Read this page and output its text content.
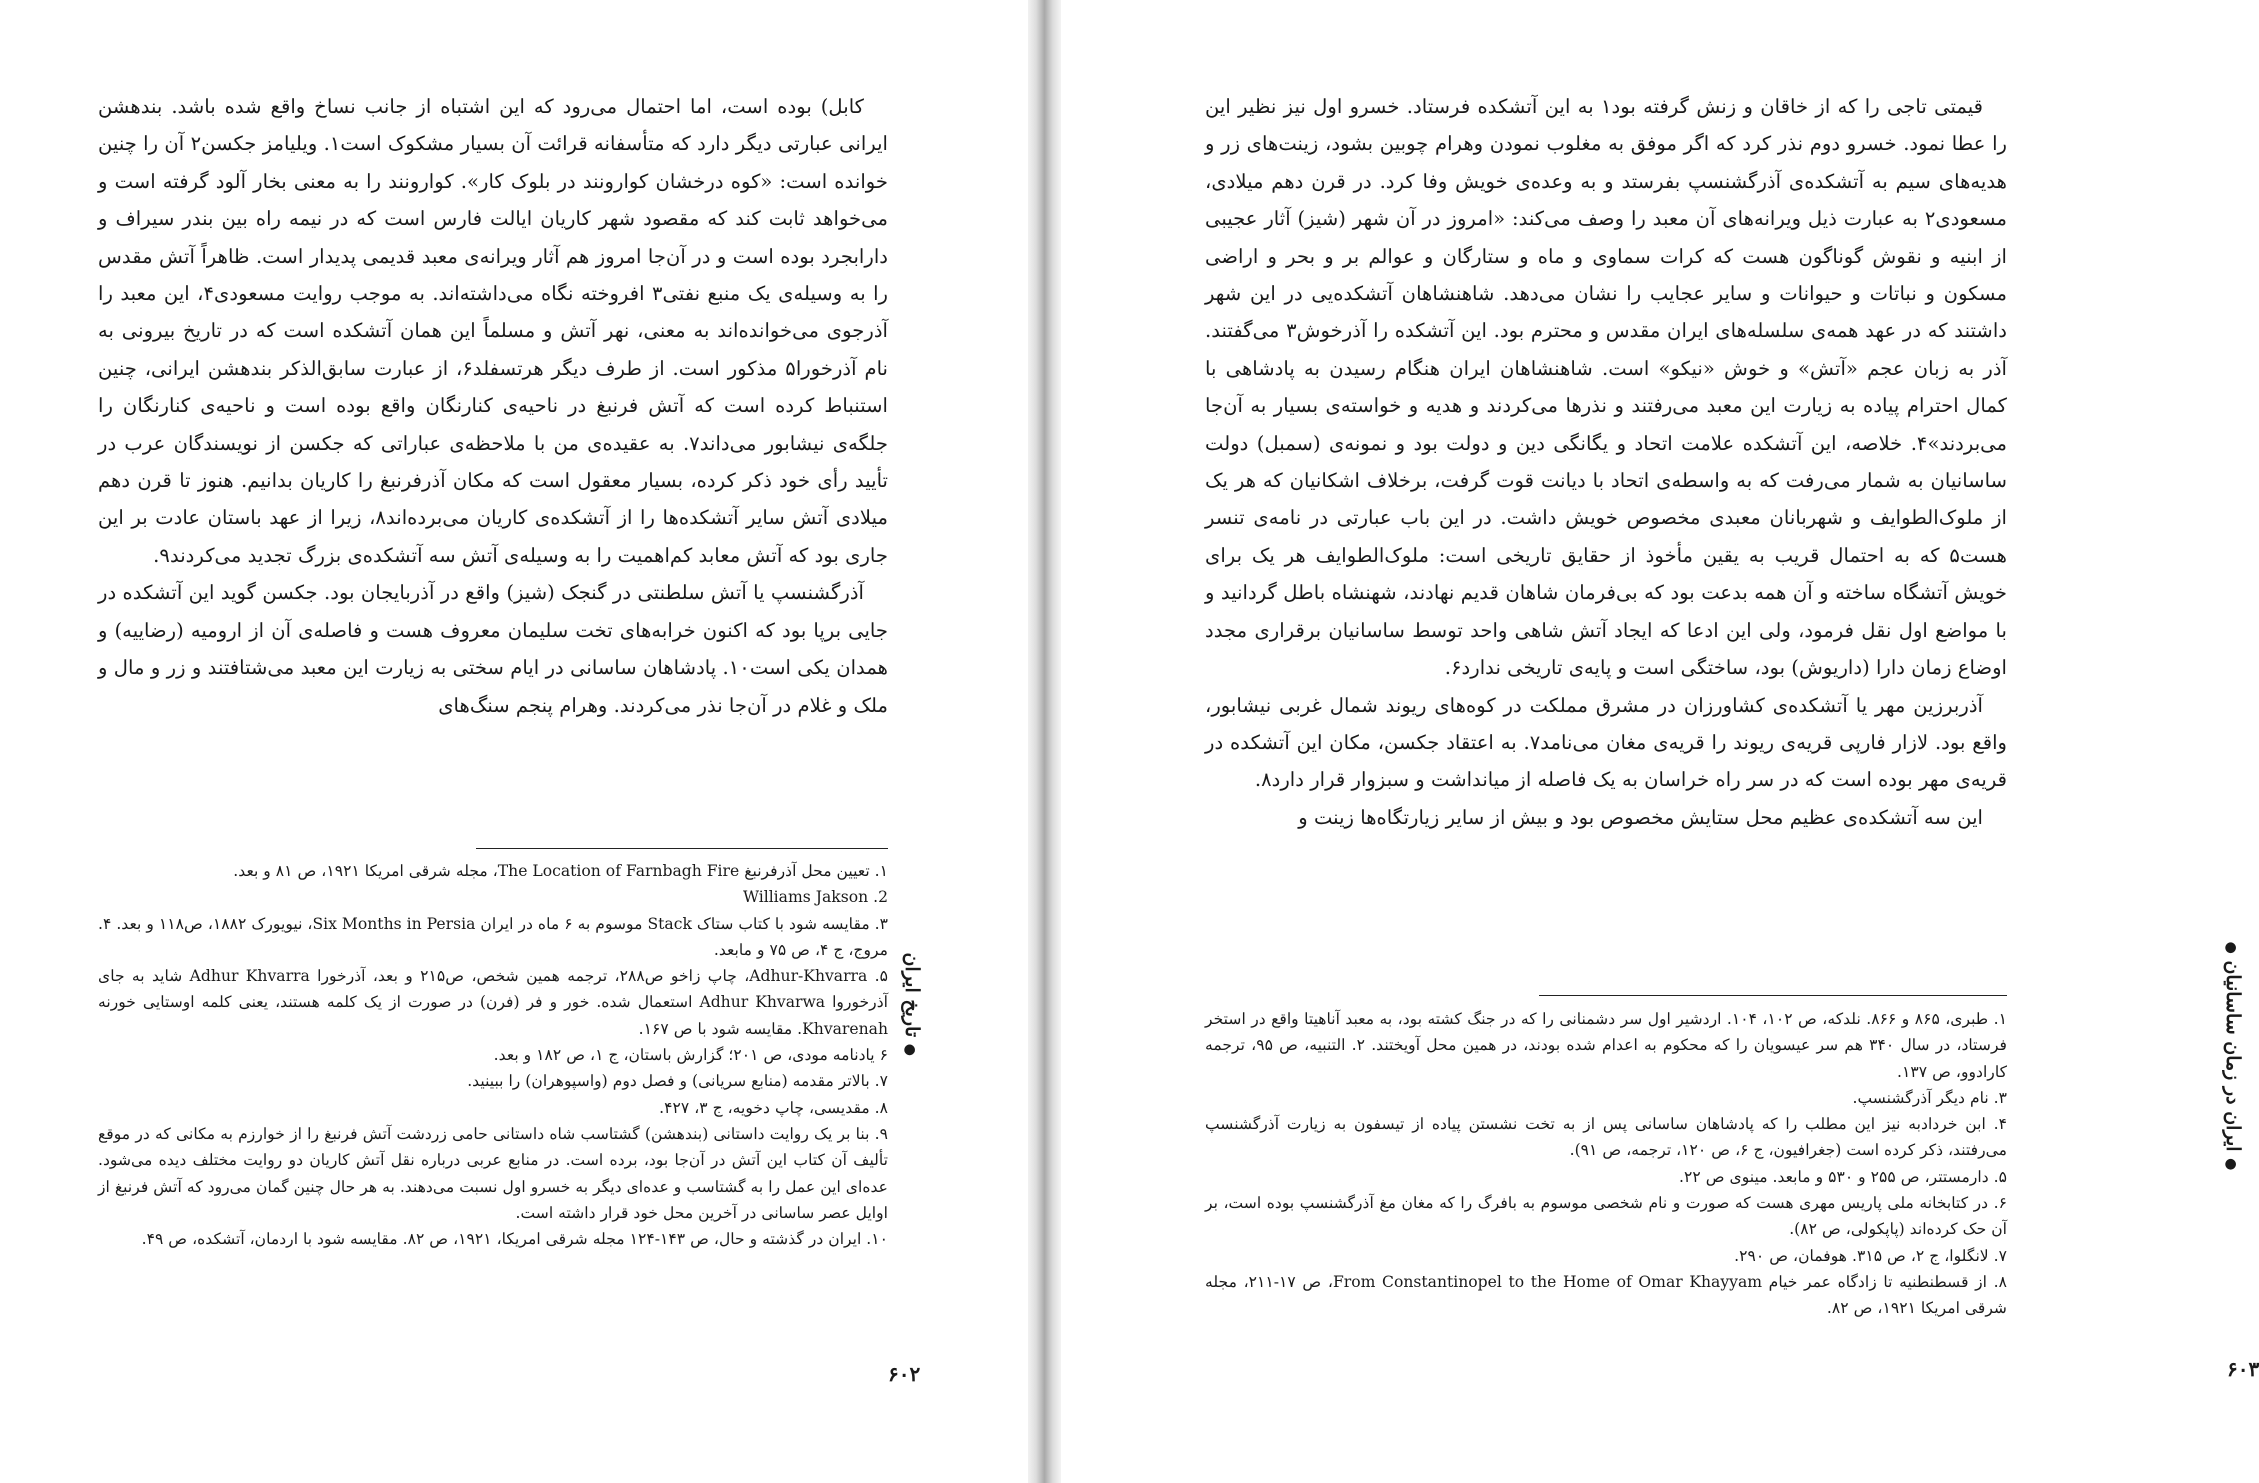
کابل) بوده است، اما احتمال می‌رود که این اشتباه از جانب نساخ واقع شده باشد. بندهشن ایرانی عبارتی دیگر دارد که متأسفانه قرائت آن بسیار مشکوک است۱. ویلیامز جکسن۲ آن را چنین خوانده است: «کوه درخشان کوارونند در بلوک کار». کوارونند را به معنی بخار آلود گرفته است و می‌خواهد ثابت کند که مقصود شهر کاریان ایالت فارس است که در نیمه راه بین بندر سیراف و دارابجرد بوده است و در آن‌جا امروز هم آثار ویرانه‌ی معبد قدیمی پدیدار است. ظاهراً آتش مقدس را به وسیله‌ی یک منبع نفتی۳ افروخته نگاه می‌داشته‌اند. به موجب روایت مسعودی۴، این معبد را آذرجوی می‌خوانده‌اند به معنی، نهر آتش و مسلماً این همان آتشکده است که در تاریخ بیرونی به نام آذرخورا۵ مذکور است. از طرف دیگر هرتسفلد۶، از عبارت سابق‌الذکر بندهشن ایرانی، چنین استنباط کرده است که آتش فرنبغ در ناحیه‌ی کنارنگان واقع بوده است و ناحیه‌ی کنارنگان را جلگه‌ی نیشابور می‌داند۷. به عقیده‌ی من با ملاحظه‌ی عباراتی که جکسن از نویسندگان عرب در تأیید رأی خود ذکر کرده، بسیار معقول است که مکان آذرفرنبغ را کاریان بدانیم. هنوز تا قرن دهم میلادی آتش سایر آتشکده‌ها را از آتشکده‌ی کاریان می‌برده‌اند۸، زیرا از عهد باستان عادت بر این جاری بود که آتش معابد کم‌اهمیت را به وسیله‌ی آتش سه آتشکده‌ی بزرگ تجدید می‌کردند۹.

آذرگشنسپ یا آتش سلطنتی در گنجک (شیز) واقع در آذربایجان بود. جکسن گوید این آتشکده در جایی برپا بود که اکنون خرابه‌های تخت سلیمان معروف هست و فاصله‌ی آن از ارومیه (رضاییه) و همدان یکی است۱۰. پادشاهان ساسانی در ایام سختی به زیارت این معبد می‌شتافتند و زر و مال و ملک و غلام در آن‌جا نذر می‌کردند. وهرام پنجم سنگ‌های

۱. تعیین محل آذرفرنبغ The Location of Farnbagh Fire، مجله شرقی امریکا ۱۹۲۱، ص ۸۱ و بعد.

2. Williams Jakson

۳. مقایسه شود با کتاب ستاک Stack موسوم به ۶ ماه در ایران Six Months in Persia، نیویورک ۱۸۸۲، ص۱۱۸ و بعد. ۴. مروج، ج ۴، ص ۷۵ و مابعد.

۵. Adhur-Khvarra، چاپ زاخو ص۲۸۸، ترجمه همین شخص، ص۲۱۵ و بعد، آذرخورا Adhur Khvarra شاید به جای آذرخوروا Adhur Khvarwa استعمال شده. خور و فر (فرن) در صورت از یک کلمه هستند، یعنی کلمه اوستایی خورنه Khvarenah. مقایسه شود با ص ۱۶۷.

۶ یادنامه مودی، ص ۲۰۱؛ گزارش باستان، ج ۱، ص ۱۸۲ و بعد.

۷. بالاتر مقدمه (منابع سریانی) و فصل دوم (واسپوهران) را ببینید.

۸. مقدیسی، چاپ دخویه، ج ۳، ۴۲۷.

۹. بنا بر یک روایت داستانی (بندهشن) گشتاسب شاه داستانی حامی زردشت آتش فرنبغ را از خوارزم به مکانی که در موقع تألیف آن کتاب این آتش در آن‌جا بود، برده است. در منابع عربی درباره نقل آتش کاریان دو روایت مختلف دیده می‌شود. عده‌ای این عمل را به گشتاسب و عده‌ای دیگر به خسرو اول نسبت می‌دهند. به هر حال چنین گمان می‌رود که آتش فرنبغ از اوایل عصر ساسانی در آخرین محل خود قرار داشته است.

۱۰. ایران در گذشته و حال، ص ۱۴۳-۱۲۴ مجله شرقی امریکا، ۱۹۲۱، ص ۸۲. مقایسه شود با اردمان، آتشکده، ص ۴۹.

● تاریخ ایران
۶۰۲

قیمتی تاجی را که از خاقان و زنش گرفته بود۱ به این آتشکده فرستاد. خسرو اول نیز نظیر این را عطا نمود. خسرو دوم نذر کرد که اگر موفق به مغلوب نمودن وهرام چوبین بشود، زینت‌های زر و هدیه‌های سیم به آتشکده‌ی آذرگشنسپ بفرستد و به وعده‌ی خویش وفا کرد. در قرن دهم میلادی، مسعودی۲ به عبارت ذیل ویرانه‌های آن معبد را وصف می‌کند: «امروز در آن شهر (شیز) آثار عجیبی از ابنیه و نقوش گوناگون هست که کرات سماوی و ماه و ستارگان و عوالم بر و بحر و اراضی مسکون و نباتات و حیوانات و سایر عجایب را نشان می‌دهد. شاهنشاهان آتشکده‌یی در این شهر داشتند که در عهد همه‌ی سلسله‌های ایران مقدس و محترم بود. این آتشکده را آذرخوش۳ می‌گفتند. آذر به زبان عجم «آتش» و خوش «نیکو» است. شاهنشاهان ایران هنگام رسیدن به پادشاهی با کمال احترام پیاده به زیارت این معبد می‌رفتند و نذرها می‌کردند و هدیه و خواسته‌ی بسیار به آن‌جا می‌بردند»۴. خلاصه، این آتشکده علامت اتحاد و یگانگی دین و دولت بود و نمونه‌ی (سمبل) دولت ساسانیان به شمار می‌رفت که به واسطه‌ی اتحاد با دیانت قوت گرفت، برخلاف اشکانیان که هر یک از ملوک‌الطوایف و شهربانان معبدی مخصوص خویش داشت. در این باب عبارتی در نامه‌ی تنسر هست۵ که به احتمال قریب به یقین مأخوذ از حقایق تاریخی است: ملوک‌الطوایف هر یک برای خویش آتشگاه ساخته و آن همه بدعت بود که بی‌فرمان شاهان قدیم نهادند، شهنشاه باطل گردانید و با مواضع اول نقل فرمود، ولی این ادعا که ایجاد آتش شاهی واحد توسط ساسانیان برقراری مجدد اوضاع زمان دارا (داریوش) بود، ساختگی است و پایه‌ی تاریخی ندارد۶.

آذربرزین مهر یا آتشکده‌ی کشاورزان در مشرق مملکت در کوه‌های ریوند شمال غربی نیشابور، واقع بود. لازار فارپی قریه‌ی ریوند را قریه‌ی مغان می‌نامد۷. به اعتقاد جکسن، مکان این آتشکده در قریه‌ی مهر بوده است که در سر راه خراسان به یک فاصله از میانداشت و سبزوار قرار دارد۸.

این سه آتشکده‌ی عظیم محل ستایش مخصوص بود و بیش از سایر زیارتگاه‌ها زینت و

۱. طبری، ۸۶۵ و ۸۶۶. نلدکه، ص ۱۰۲، ۱۰۴. اردشیر اول سر دشمنانی را که در جنگ کشته بود، به معبد آناهیتا واقع در استخر فرستاد، در سال ۳۴۰ هم سر عیسویان را که محکوم به اعدام شده بودند، در همین محل آویختند. ۲. التنبیه، ص ۹۵، ترجمه کارادوو، ص ۱۳۷.

۳. نام دیگر آذرگشنسپ.

۴. ابن خردادبه نیز این مطلب را که پادشاهان ساسانی پس از به تخت نشستن پیاده از تیسفون به زیارت آذرگشنسپ می‌رفتند، ذکر کرده است (جغرافیون، ج ۶، ص ۱۲۰، ترجمه، ص ۹۱).

۵. دارمستتر، ص ۲۵۵ و ۵۳۰ و مابعد. مینوی ص ۲۲.

۶. در کتابخانه ملی پاریس مهری هست که صورت و نام شخصی موسوم به بافرگ را که مغان مغ آذرگشنسپ بوده است، بر آن حک کرده‌اند (پاپکولی، ص ۸۲).

۷. لانگلوا، ج ۲، ص ۳۱۵. هوفمان، ص ۲۹۰.

۸. از قسطنطنیه تا زادگاه عمر خیام From Constantinopel to the Home of Omar Khayyam، ص ۱۷-۲۱۱، مجله شرقی امریکا ۱۹۲۱، ص ۸۲.

● ایران در زمان ساسانیان ●
۶۰۳
